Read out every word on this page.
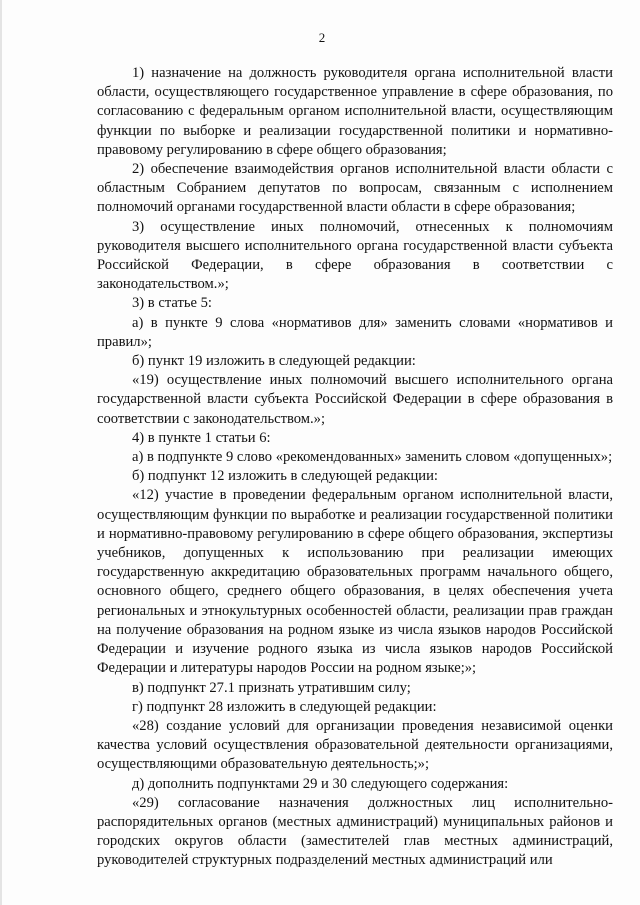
2

1) назначение на должность руководителя органа исполнительной власти области, осуществляющего государственное управление в сфере образования, по согласованию с федеральным органом исполнительной власти, осуществляющим функции по выборке и реализации государственной политики и нормативно-правовому регулированию в сфере общего образования;

2) обеспечение взаимодействия органов исполнительной власти области с областным Собранием депутатов по вопросам, связанным с исполнением полномочий органами государственной власти области в сфере образования;

3) осуществление иных полномочий, отнесенных к полномочиям руководителя высшего исполнительного органа государственной власти субъекта Российской Федерации, в сфере образования в соответствии с законодательством.»;

3) в статье 5:

а) в пункте 9 слова «нормативов для» заменить словами «нормативов и правил»;

б) пункт 19 изложить в следующей редакции:

«19) осуществление иных полномочий высшего исполнительного органа государственной власти субъекта Российской Федерации в сфере образования в соответствии с законодательством.»;

4) в пункте 1 статьи 6:

а) в подпункте 9 слово «рекомендованных» заменить словом «допущенных»;

б) подпункт 12 изложить в следующей редакции:

«12) участие в проведении федеральным органом исполнительной власти, осуществляющим функции по выработке и реализации государственной политики и нормативно-правовому регулированию в сфере общего образования, экспертизы учебников, допущенных к использованию при реализации имеющих государственную аккредитацию образовательных программ начального общего, основного общего, среднего общего образования, в целях обеспечения учета региональных и этнокультурных особенностей области, реализации прав граждан на получение образования на родном языке из числа языков народов Российской Федерации и изучение родного языка из числа языков народов Российской Федерации и литературы народов России на родном языке;»;

в) подпункт 27.1 признать утратившим силу;

г) подпункт 28 изложить в следующей редакции:

«28) создание условий для организации проведения независимой оценки качества условий осуществления образовательной деятельности организациями, осуществляющими образовательную деятельность;»;

д) дополнить подпунктами 29 и 30 следующего содержания:

«29) согласование назначения должностных лиц исполнительно-распорядительных органов (местных администраций) муниципальных районов и городских округов области (заместителей глав местных администраций, руководителей структурных подразделений местных администраций или
